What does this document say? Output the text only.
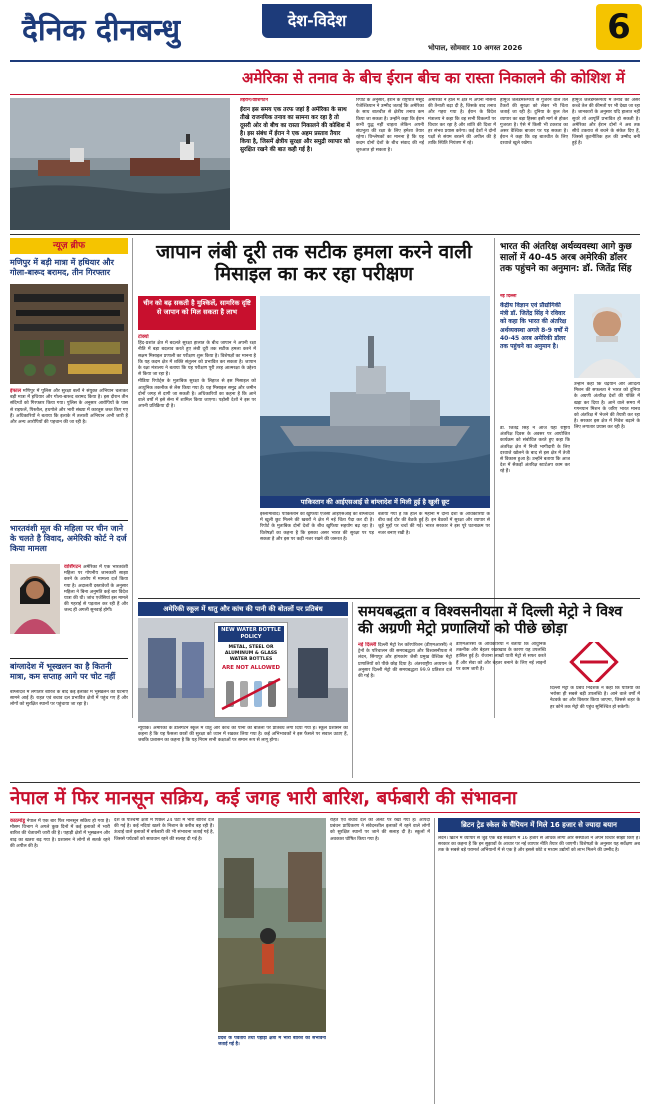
दैनिक दीनबन्धु	देश-विदेश
भोपाल, सोमवार 10 अगस्त 2026
6
अमेरिका से तनाव के बीच ईरान बीच का रास्ता निकालने की कोशिश में
तेहरान/वाशिंगटन
ईरान इस समय एक तरफ जहां है अमेरिका के साथ तीखे राजनयिक तनाव का सामना कर रहा है तो दूसरी ओर वो बीच का रास्ता निकालने की कोशिश में है। इस संबंध में ईरान ने एक अहम प्रस्ताव तैयार किया है, जिसमें क्षेत्रीय सुरक्षा और समुद्री व्यापार को सुरक्षित रखने की बात कही गई है।
रिपोर्ट के अनुसार, ईरान के राष्ट्रपति मसूद पेजेश्कियान ने उम्मीद जताई कि अमेरिका के साथ बातचीत से क्षेत्रीय तनाव कम किया जा सकता है। उन्होंने कहा कि ईरान कभी युद्ध नहीं चाहता लेकिन अपनी संप्रभुता की रक्षा के लिए हमेशा तैयार रहेगा। विश्लेषकों का मानना है कि यह कदम दोनों देशों के बीच संवाद की नई शुरुआत हो सकता है।
अमेरिका ने हाल में क्षेत्र में अपनी नौसेना की तैनाती बढ़ा दी है, जिसके बाद तनाव और गहरा गया है। ईरान के विदेश मंत्रालय ने कहा कि वह सभी विकल्पों पर विचार कर रहा है और शांति की दिशा में हर संभव प्रयास करेगा। कई देशों ने दोनों पक्षों से संयम बरतने की अपील की है ताकि स्थिति नियंत्रण में रहे।
होर्मुज जलडमरूमध्य से गुजरने वाले तेल टैंकरों की सुरक्षा को लेकर भी चिंता जताई जा रही है। दुनिया के कुल तेल व्यापार का बड़ा हिस्सा इसी मार्ग से होकर गुजरता है। ऐसे में किसी भी टकराव का असर वैश्विक बाजार पर पड़ सकता है। ईरान ने कहा कि वह बातचीत के लिए दरवाजे खुले रखेगा।
होर्मुज जलडमरूमध्य में तनाव का असर कच्चे तेल की कीमतों पर भी देखा जा रहा है। जानकारों के अनुसार यदि हालात नहीं सुधरे तो आपूर्ति प्रभावित हो सकती है। अमेरिका और ईरान दोनों ने अब तक सीधे टकराव से बचने के संकेत दिए हैं, जिससे कूटनीतिक हल की उम्मीद बनी हुई है।
न्यूज़ ब्रीफ
मणिपुर में बड़ी मात्रा में हथियार और गोला-बारूद बरामद, तीन गिरफ्तार
इंफाल मणिपुर में पुलिस और सुरक्षा बलों ने संयुक्त अभियान चलाकर बड़ी मात्रा में हथियार और गोला-बारूद बरामद किया है। इस दौरान तीन संदिग्धों को गिरफ्तार किया गया। पुलिस के अनुसार आरोपियों के पास से राइफलें, पिस्तौल, हथगोले और भारी संख्या में कारतूस जब्त किए गए हैं। अधिकारियों ने बताया कि इलाके में तलाशी अभियान अभी जारी है और अन्य आरोपियों की पहचान की जा रही है।
भारतवंशी मूल की महिला पर चीन जाने के चलते है विवाद, अमेरिकी कोर्ट ने दर्ज किया मामला
वाशिंगटन अमेरिका में एक भारतवंशी महिला पर गोपनीय जानकारी साझा करने के आरोप में मामला दर्ज किया गया है। अदालती दस्तावेजों के अनुसार महिला ने बिना अनुमति कई बार विदेश यात्रा की थी। जांच एजेंसियां इस मामले की गहराई से पड़ताल कर रही हैं और जल्द ही अगली सुनवाई होगी।
बांग्लादेश में भूस्खलन का है कितनी मात्रा, कम सप्ताह आगे पर चोट नहीं
बांग्लादेश में लगातार बारिश के बाद कई इलाकों में भूस्खलन की घटनाएं सामने आई हैं। राहत एवं बचाव दल प्रभावित क्षेत्रों में पहुंच गए हैं और लोगों को सुरक्षित स्थानों पर पहुंचाया जा रहा है।
जापान लंबी दूरी तक सटीक हमला करने वाली मिसाइल का कर रहा परीक्षण
चीन को बढ़ सकती है मुश्किलें, सामरिक दृष्टि से जापान को मिल सकता है लाभ
टोक्यो

हिंद-प्रशांत क्षेत्र में बदलते सुरक्षा हालात के बीच जापान ने अपनी रक्षा नीति में बड़ा बदलाव करते हुए लंबी दूरी तक सटीक हमला करने में सक्षम मिसाइल प्रणाली का परीक्षण शुरू किया है। विशेषज्ञों का मानना है कि यह कदम क्षेत्र में शक्ति संतुलन को प्रभावित कर सकता है। जापान के रक्षा मंत्रालय ने बताया कि यह परीक्षण पूरी तरह आत्मरक्षा के उद्देश्य से किया जा रहा है।

मीडिया रिपोर्ट्स के मुताबिक सुरक्षा के लिहाज से इस मिसाइल को आधुनिक तकनीक से लैस किया गया है। यह मिसाइल समुद्र और जमीन दोनों जगह से दागी जा सकती है। अधिकारियों का कहना है कि आने वाले वर्षों में इसे सेना में शामिल किया जाएगा। पड़ोसी देशों ने इस पर अपनी प्रतिक्रिया दी है।

पाकिस्तान की आईएसआई से बांग्लादेश में मिली हुई है खुली छूट
इस्लामाबाद। पाकिस्तान की खुफिया एजेंसी आईएसआई को बांग्लादेश में खुली छूट मिलने की खबरों ने क्षेत्र में नई चिंता पैदा कर दी है। रिपोर्ट के मुताबिक दोनों देशों के बीच खुफिया सहयोग बढ़ रहा है। विशेषज्ञों का कहना है कि इसका असर भारत की सुरक्षा पर पड़ सकता है और इस पर कड़ी नजर रखने की जरूरत है।
बताया गया है कि हाल के महीनों में दोनों देशों के अधिकारियों के बीच कई दौर की बैठकें हुई हैं। इन बैठकों में सुरक्षा और व्यापार से जुड़े मुद्दों पर चर्चा की गई। भारत सरकार ने इस पूरे घटनाक्रम पर नजर बनाए रखी है।
भारत की अंतरिक्ष अर्थव्यवस्था आगे कुछ सालों में 40-45 अरब अमेरिकी डॉलर तक पहुंचने का अनुमान: डॉ. जितेंद्र सिंह
नई दिल्ली
केंद्रीय विज्ञान एवं प्रौद्योगिकी मंत्री डॉ. जितेंद्र सिंह ने रविवार को कहा कि भारत की अंतरिक्ष अर्थव्यवस्था अगले 8-9 वर्षों में 40-45 अरब अमेरिकी डॉलर तक पहुंचने का अनुमान है।
डॉ. जितेंद्र सिंह ने आज यहां राष्ट्रीय अंतरिक्ष दिवस के अवसर पर आयोजित कार्यक्रम को संबोधित करते हुए कहा कि अंतरिक्ष क्षेत्र में निजी भागीदारी के लिए दरवाजे खोलने के बाद से इस क्षेत्र में तेजी से विकास हुआ है। उन्होंने बताया कि आज देश में सैकड़ों अंतरिक्ष स्टार्टअप काम कर रहे हैं।
उन्होंने कहा कि चंद्रयान और आदित्य मिशन की सफलता ने भारत को दुनिया के अग्रणी अंतरिक्ष देशों की पंक्ति में खड़ा कर दिया है। आने वाले समय में गगनयान मिशन के जरिए भारत मानव को अंतरिक्ष में भेजने की तैयारी कर रहा है। सरकार इस क्षेत्र में निवेश बढ़ाने के लिए लगातार प्रयास कर रही है।
अमेरिकी स्कूल में धातु और कांच की पानी की बोतलों पर प्रतिबंध
NEW WATER BOTTLE POLICY
METAL, STEEL OR ALUMINUM & GLASS WATER BOTTLES
ARE NOT ALLOWED
न्यूयॉर्क। अमेरिका के डलिंगटन स्कूल में धातु और कांच की पानी की बोतलों पर प्रतिबंध लगा दिया गया है। स्कूल प्रशासन का कहना है कि यह फैसला छात्रों की सुरक्षा को ध्यान में रखकर लिया गया है। कई अभिभावकों ने इस फैसले पर सवाल उठाए हैं, जबकि प्रशासन का कहना है कि यह नियम सभी कक्षाओं पर समान रूप से लागू होगा।
समयबद्धता व विश्वसनीयता में दिल्ली मेट्रो ने विश्व की अग्रणी मेट्रो प्रणालियों को पीछे छोड़ा
नई दिल्ली दिल्ली मेट्रो रेल कॉरपोरेशन (डीएमआरसी) ने ट्रेनों के परिचालन की समयबद्धता और विश्वसनीयता में लंदन, सिंगापुर और हांगकांग जैसी प्रमुख वैश्विक मेट्रो प्रणालियों को पीछे छोड़ दिया है। अंतरराष्ट्रीय अध्ययन के अनुसार दिल्ली मेट्रो की समयबद्धता 99.9 प्रतिशत दर्ज की गई है।
डीएमआरसी के अधिकारियों ने बताया कि आधुनिक तकनीक और बेहतर रखरखाव के कारण यह उपलब्धि हासिल हुई है। रोजाना लाखों यात्री मेट्रो से सफर करते हैं और सेवा को और बेहतर बनाने के लिए नई लाइनों पर काम जारी है।
दिल्ली मेट्रो के प्रबंध निदेशक ने कहा कि यात्रियों का भरोसा ही सबसे बड़ी उपलब्धि है। आने वाले वर्षों में नेटवर्क का और विस्तार किया जाएगा, जिससे शहर के हर कोने तक मेट्रो की पहुंच सुनिश्चित हो सकेगी।
नेपाल में फिर मानसून सक्रिय, कई जगह भारी बारिश, बर्फबारी की संभावना
काठमांडू नेपाल में एक बार फिर मानसून सक्रिय हो गया है। मौसम विभाग ने अगले कुछ दिनों में कई इलाकों में भारी बारिश की चेतावनी जारी की है। पहाड़ी क्षेत्रों में भूस्खलन और बाढ़ का खतरा बढ़ गया है। प्रशासन ने लोगों से सतर्क रहने की अपील की है।
देश के पश्चिमी क्षेत्रों में पिछले 24 घंटों में भारी बारिश दर्ज की गई है। कई नदियां खतरे के निशान के करीब बह रही हैं। ऊंचाई वाले इलाकों में बर्फबारी की भी संभावना जताई गई है, जिससे पर्यटकों को सावधान रहने की सलाह दी गई है।
प्रदेश के पर्वतीय तथा पहाड़ी क्षेत्रों में भारी बारिश की संभावना जताई गई है।
राहत एवं बचाव दल को अलर्ट पर रखा गया है। आपदा प्रबंधन प्राधिकरण ने संवेदनशील इलाकों में रहने वाले लोगों को सुरक्षित स्थानों पर जाने की सलाह दी है। स्कूलों में अवकाश घोषित किया गया है।
ब्रिटन ट्रेड स्केल के चैंपियन में मिले 16 हजार से ज्यादा बयान
लंदन। ब्रिटेन में व्यापार से जुड़े एक बड़े सर्वेक्षण में 16 हजार से अधिक लोगों और संस्थाओं ने अपने विचार साझा किए हैं। सरकार का कहना है कि इन सुझावों के आधार पर नई व्यापार नीति तैयार की जाएगी। विशेषज्ञों के अनुसार यह सर्वेक्षण अब तक के सबसे बड़े परामर्श अभियानों में से एक है और इससे छोटे व मध्यम उद्योगों को लाभ मिलने की उम्मीद है।
